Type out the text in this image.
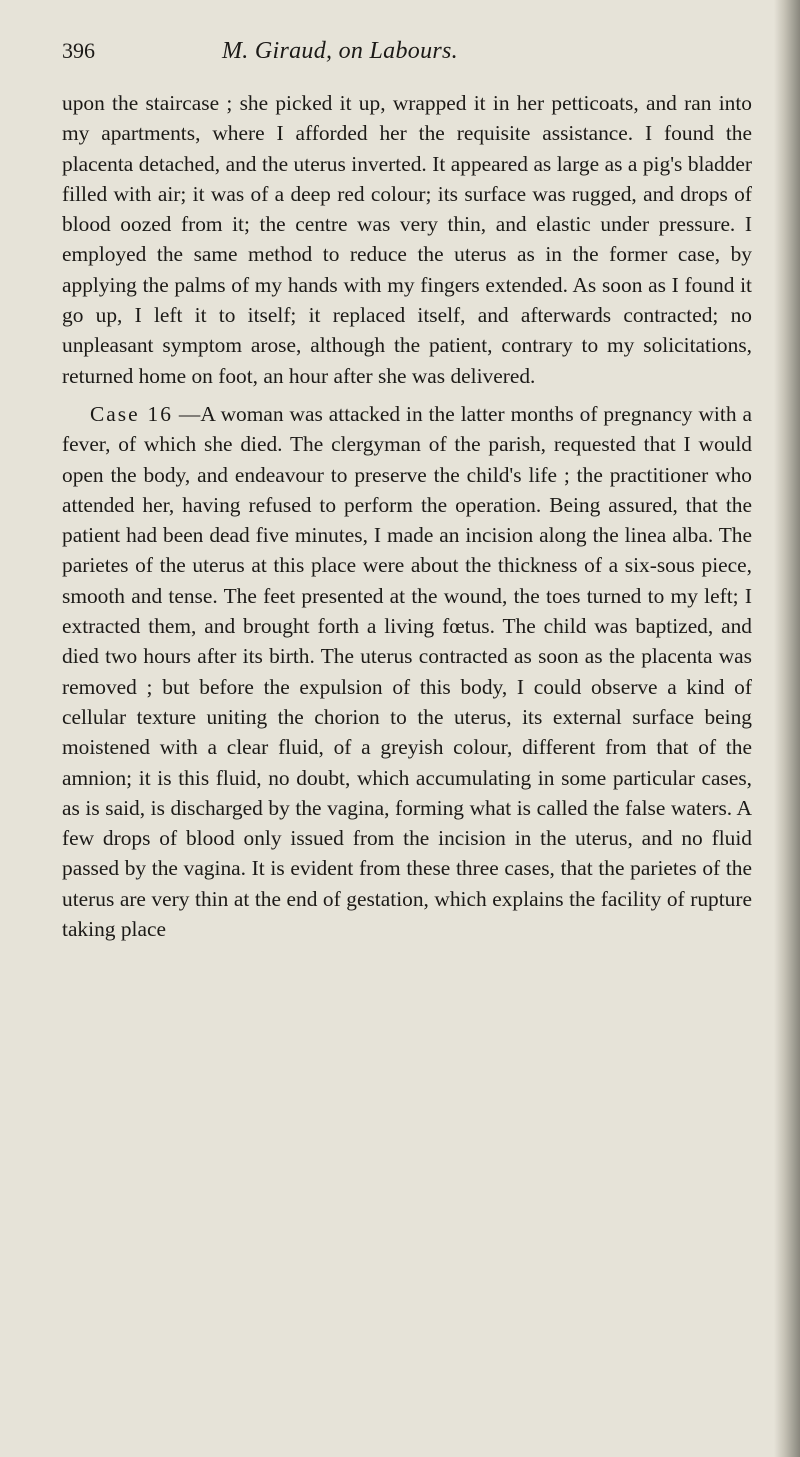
396	M. Giraud, on Labours.

upon the staircase ; she picked it up, wrapped it in her petticoats, and ran into my apartments, where I afforded her the requisite assistance. I found the placenta detached, and the uterus inverted. It appeared as large as a pig's bladder filled with air; it was of a deep red colour; its surface was rugged, and drops of blood oozed from it; the centre was very thin, and elastic under pressure. I employed the same method to reduce the uterus as in the former case, by applying the palms of my hands with my fingers extended. As soon as I found it go up, I left it to itself; it replaced itself, and afterwards contracted; no unpleasant symptom arose, although the patient, contrary to my solicitations, returned home on foot, an hour after she was delivered.

Case 16 —A woman was attacked in the latter months of pregnancy with a fever, of which she died. The clergyman of the parish, requested that I would open the body, and endeavour to preserve the child's life ; the practitioner who attended her, having refused to perform the operation. Being assured, that the patient had been dead five minutes, I made an incision along the linea alba. The parietes of the uterus at this place were about the thickness of a six-sous piece, smooth and tense. The feet presented at the wound, the toes turned to my left; I extracted them, and brought forth a living fœtus. The child was baptized, and died two hours after its birth. The uterus contracted as soon as the placenta was removed ; but before the expulsion of this body, I could observe a kind of cellular texture uniting the chorion to the uterus, its external surface being moistened with a clear fluid, of a greyish colour, different from that of the amnion; it is this fluid, no doubt, which accumulating in some particular cases, as is said, is discharged by the vagina, forming what is called the false waters. A few drops of blood only issued from the incision in the uterus, and no fluid passed by the vagina. It is evident from these three cases, that the parietes of the uterus are very thin at the end of gestation, which explains the facility of rupture taking place
